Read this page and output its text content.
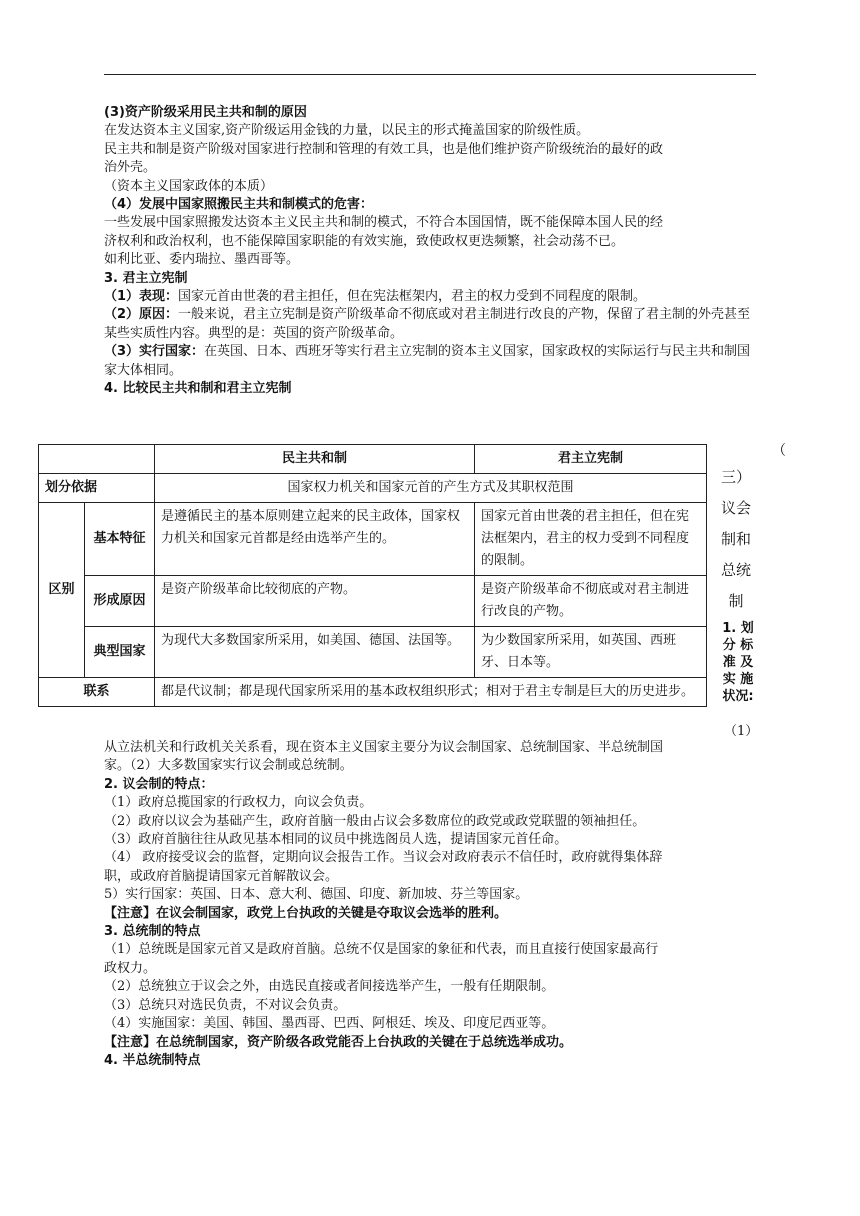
(3)资产阶级采用民主共和制的原因

在发达资本主义国家,资产阶级运用金钱的力量，以民主的形式掩盖国家的阶级性质。

民主共和制是资产阶级对国家进行控制和管理的有效工具，也是他们维护资产阶级统治的最好的政

治外壳。

（资本主义国家政体的本质）

（4）发展中国家照搬民主共和制模式的危害：

一些发展中国家照搬发达资本主义民主共和制的模式，不符合本国国情，既不能保障本国人民的经

济权利和政治权利，也不能保障国家职能的有效实施，致使政权更迭频繁，社会动荡不已。

如利比亚、委内瑞拉、墨西哥等。

3. 君主立宪制

（1）表现：国家元首由世袭的君主担任，但在宪法框架内，君主的权力受到不同程度的限制。

（2）原因：一般来说，君主立宪制是资产阶级革命不彻底或对君主制进行改良的产物，保留了君主制的外壳甚至某些实质性内容。典型的是：英国的资产阶级革命。

（3）实行国家：在英国、日本、西班牙等实行君主立宪制的资本主义国家，国家政权的实际运行与民主共和制国家大体相同。

4. 比较民主共和制和君主立宪制

		民主共和制	君主立宪制
划分依据		国家权力机关和国家元首的产生方式及其职权范围	
区别	基本特征	是遵循民主的基本原则建立起来的民主政体，国家权力机关和国家元首都是经由选举产生的。	国家元首由世袭的君主担任，但在宪法框架内，君主的权力受到不同程度的限制。
	形成原因	是资产阶级革命比较彻底的产物。	是资产阶级革命不彻底或对君主制进行改良的产物。
	典型国家	为现代大多数国家所采用，如美国、德国、法国等。	为少数国家所采用，如英国、西班牙、日本等。
联系		都是代议制；都是现代国家所采用的基本政权组织形式；相对于君主专制是巨大的历史进步。	
（
三）
议会
制和
总统
制
1. 划
分 标
准 及
实 施
状况:
（1）

从立法机关和行政机关关系看，现在资本主义国家主要分为议会制国家、总统制国家、半总统制国

家。（2）大多数国家实行议会制或总统制。

2. 议会制的特点：

（1）政府总揽国家的行政权力，向议会负责。

（2）政府以议会为基础产生，政府首脑一般由占议会多数席位的政党或政党联盟的领袖担任。

（3）政府首脑往往从政见基本相同的议员中挑选阁员人选，提请国家元首任命。

（4） 政府接受议会的监督，定期向议会报告工作。当议会对政府表示不信任时，政府就得集体辞

职，或政府首脑提请国家元首解散议会。

5）实行国家：英国、日本、意大利、德国、印度、新加坡、芬兰等国家。

【注意】在议会制国家，政党上台执政的关键是夺取议会选举的胜利。

3. 总统制的特点

（1）总统既是国家元首又是政府首脑。总统不仅是国家的象征和代表，而且直接行使国家最高行

政权力。

（2）总统独立于议会之外，由选民直接或者间接选举产生，一般有任期限制。

（3）总统只对选民负责，不对议会负责。

（4）实施国家：美国、韩国、墨西哥、巴西、阿根廷、埃及、印度尼西亚等。

【注意】在总统制国家，资产阶级各政党能否上台执政的关键在于总统选举成功。

4. 半总统制特点
